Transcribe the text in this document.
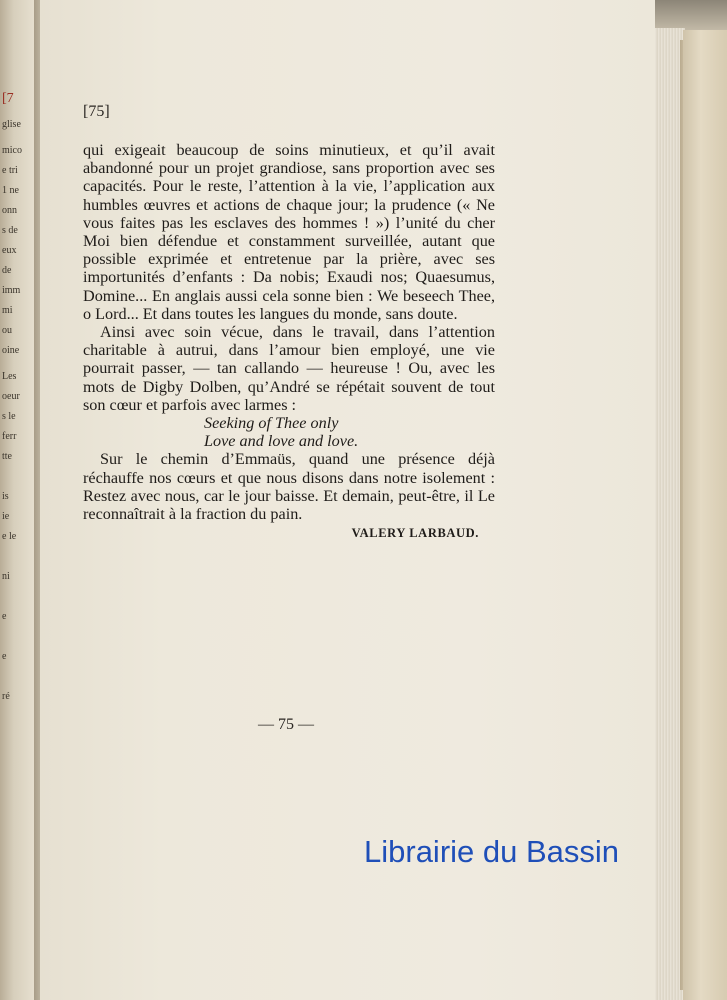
[7
glise
mico
e tri
1 ne
onn
s de
eux
de
imm
mi
ou
oine
Les
oeur
s le
ferr
tte
is
ie
e le
ni
e
e
ré
[75]

qui exigeait beaucoup de soins minutieux, et qu’il avait abandonné pour un projet grandiose, sans proportion avec ses capacités. Pour le reste, l’attention à la vie, l’application aux humbles œuvres et actions de chaque jour; la prudence (« Ne vous faites pas les esclaves des hommes ! ») l’unité du cher Moi bien défendue et constamment surveillée, autant que possible exprimée et entretenue par la prière, avec ses importunités d’enfants : Da nobis; Exaudi nos; Quaesumus, Domine... En anglais aussi cela sonne bien : We beseech Thee, o Lord... Et dans toutes les langues du monde, sans doute.

Ainsi avec soin vécue, dans le travail, dans l’attention charitable à autrui, dans l’amour bien employé, une vie pourrait passer, — tan callando — heureuse ! Ou, avec les mots de Digby Dolben, qu’André se répétait souvent de tout son cœur et parfois avec larmes :

Seeking of Thee only

Love and love and love.

Sur le chemin d’Emmaüs, quand une présence déjà réchauffe nos cœurs et que nous disons dans notre isolement : Restez avec nous, car le jour baisse. Et demain, peut-être, il Le reconnaîtrait à la fraction du pain.

VALERY LARBAUD.
— 75 —
Librairie du Bassin
